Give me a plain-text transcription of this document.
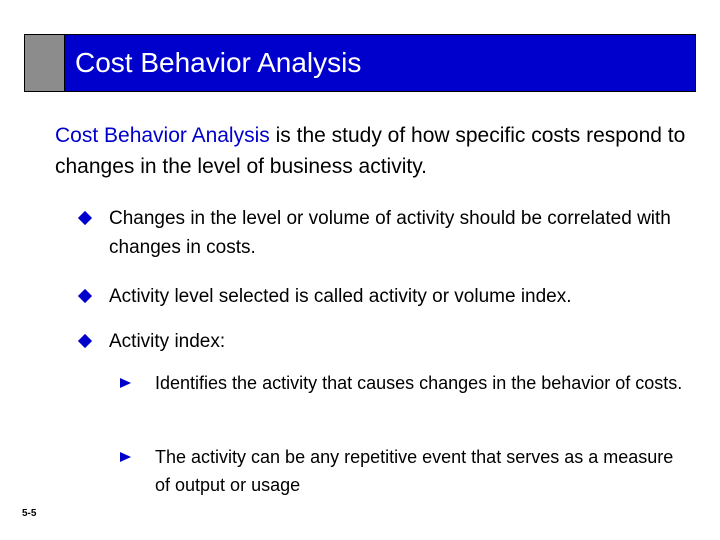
Cost Behavior Analysis
Cost Behavior Analysis is the study of how specific costs respond to changes in the level of business activity.
Changes in the level or volume of activity should be correlated with changes in costs.
Activity level selected is called activity or volume index.
Activity index:
Identifies the activity that causes changes in the behavior of costs.
The activity can be any repetitive event that serves as a measure of output or usage
5-5
